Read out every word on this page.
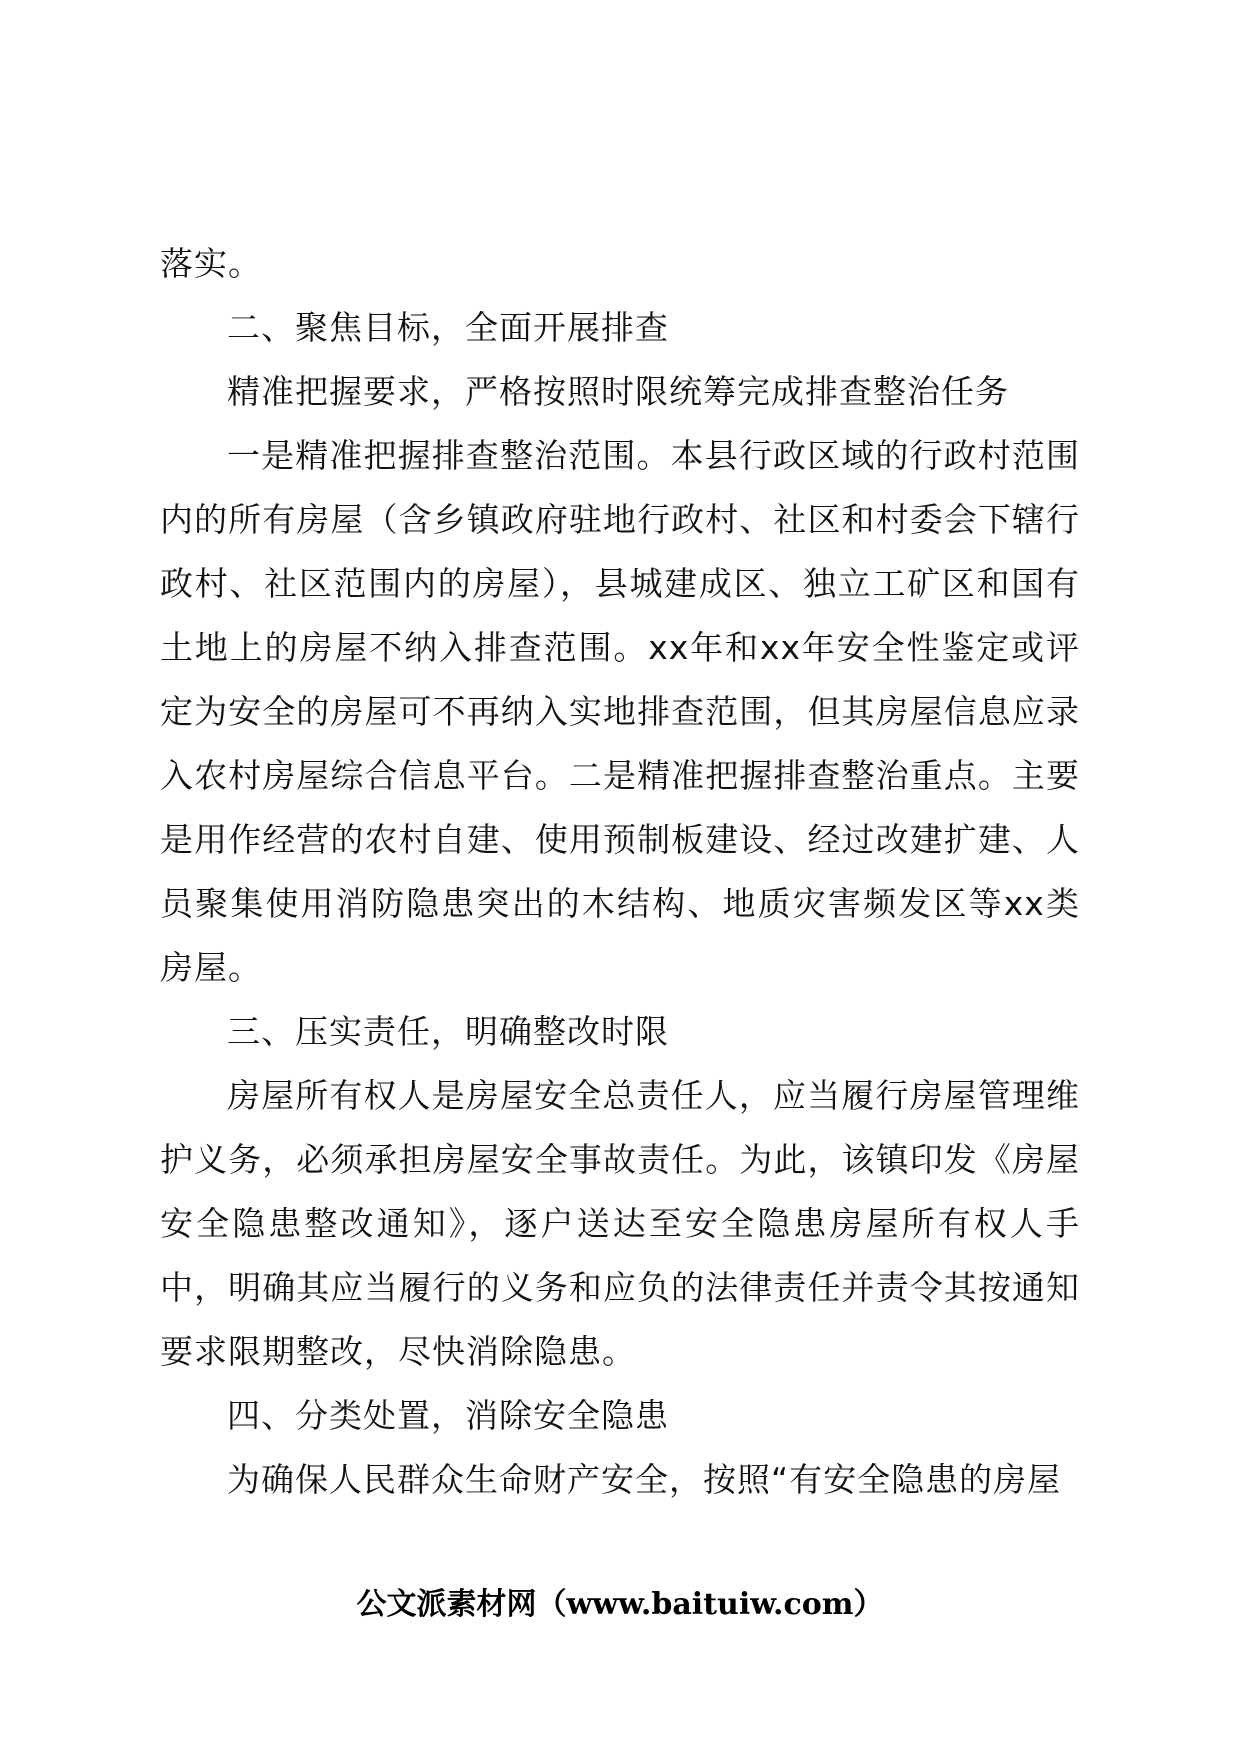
落实。

二、聚焦目标，全面开展排查

精准把握要求，严格按照时限统筹完成排查整治任务

一是精准把握排查整治范围。本县行政区域的行政村范围内的所有房屋（含乡镇政府驻地行政村、社区和村委会下辖行政村、社区范围内的房屋），县城建成区、独立工矿区和国有土地上的房屋不纳入排查范围。xx年和xx年安全性鉴定或评定为安全的房屋可不再纳入实地排查范围，但其房屋信息应录入农村房屋综合信息平台。二是精准把握排查整治重点。主要是用作经营的农村自建、使用预制板建设、经过改建扩建、人员聚集使用消防隐患突出的木结构、地质灾害频发区等xx类房屋。

三、压实责任，明确整改时限

房屋所有权人是房屋安全总责任人，应当履行房屋管理维护义务，必须承担房屋安全事故责任。为此，该镇印发《房屋安全隐患整改通知》，逐户送达至安全隐患房屋所有权人手中，明确其应当履行的义务和应负的法律责任并责令其按通知要求限期整改，尽快消除隐患。

四、分类处置，消除安全隐患

为确保人民群众生命财产安全，按照“有安全隐患的房屋

公文派素材网（www.baituiw.com）
